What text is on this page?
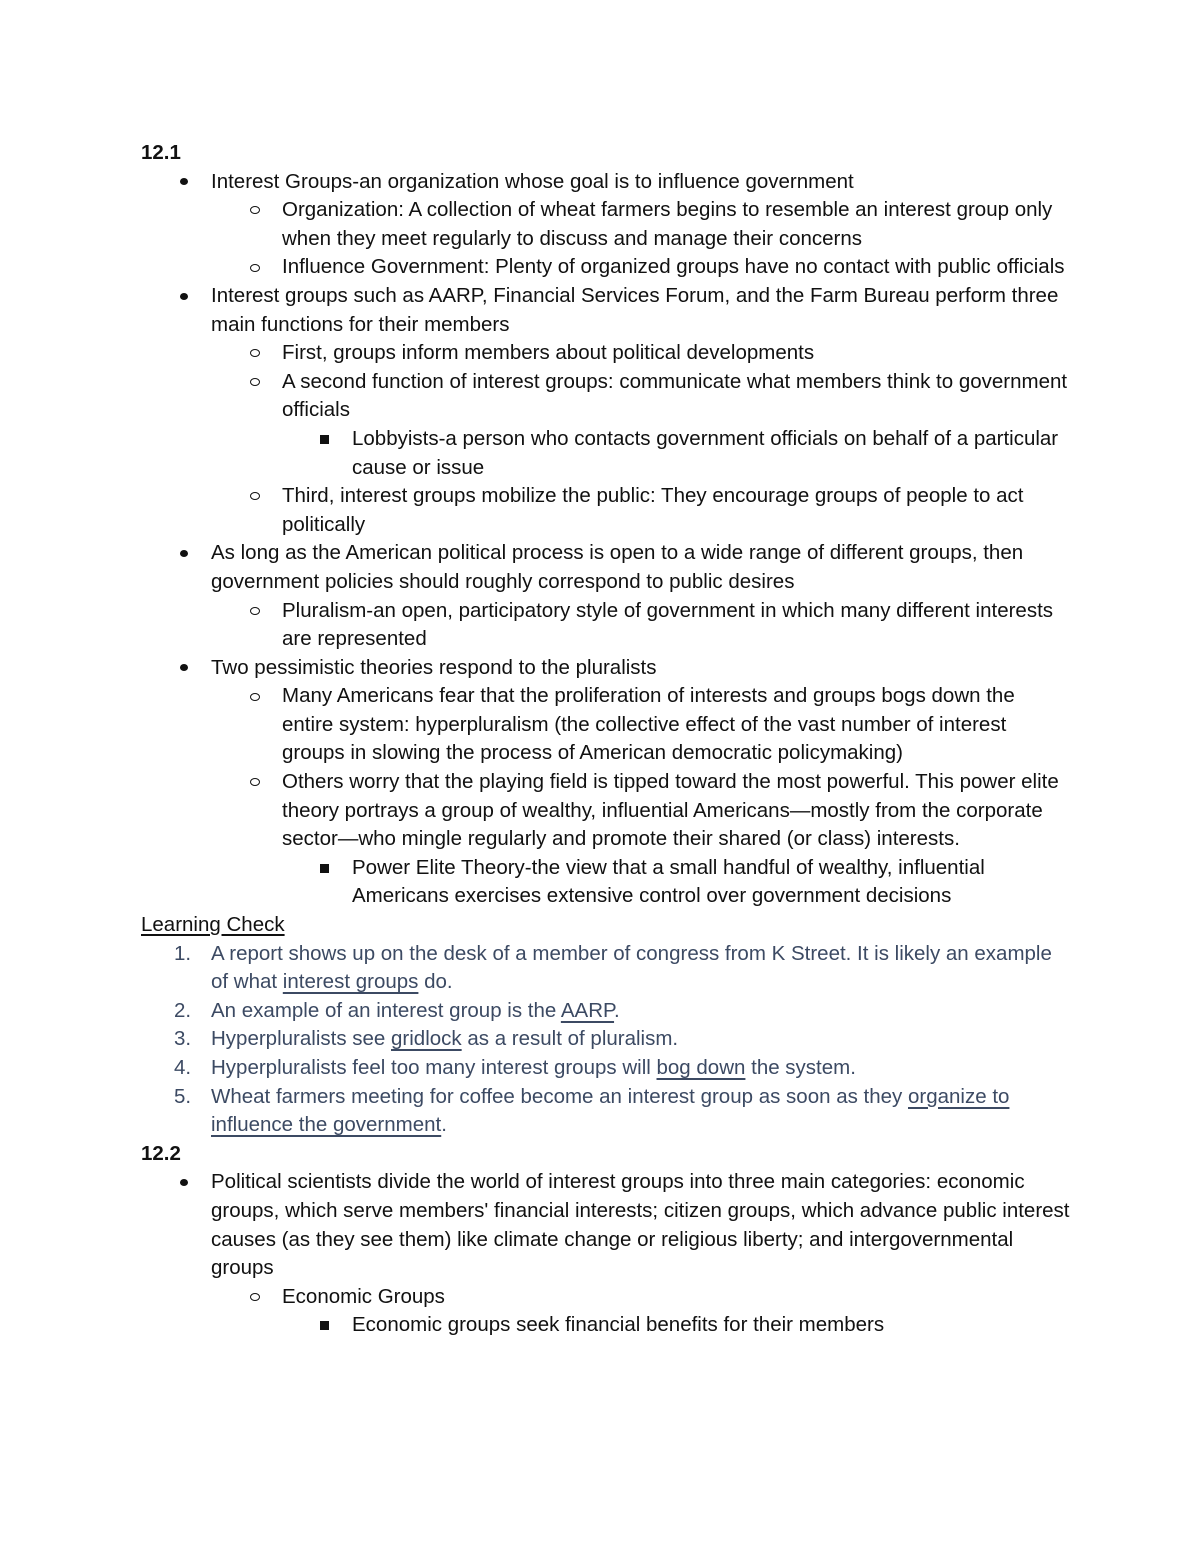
12.1
Interest Groups-an organization whose goal is to influence government
Organization: A collection of wheat farmers begins to resemble an interest group only when they meet regularly to discuss and manage their concerns
Influence Government: Plenty of organized groups have no contact with public officials
Interest groups such as AARP, Financial Services Forum, and the Farm Bureau perform three main functions for their members
First, groups inform members about political developments
A second function of interest groups: communicate what members think to government officials
Lobbyists-a person who contacts government officials on behalf of a particular cause or issue
Third, interest groups mobilize the public: They encourage groups of people to act politically
As long as the American political process is open to a wide range of different groups, then government policies should roughly correspond to public desires
Pluralism-an open, participatory style of government in which many different interests are represented
Two pessimistic theories respond to the pluralists
Many Americans fear that the proliferation of interests and groups bogs down the entire system: hyperpluralism (the collective effect of the vast number of interest groups in slowing the process of American democratic policymaking)
Others worry that the playing field is tipped toward the most powerful. This power elite theory portrays a group of wealthy, influential Americans—mostly from the corporate sector—who mingle regularly and promote their shared (or class) interests.
Power Elite Theory-the view that a small handful of wealthy, influential Americans exercises extensive control over government decisions
Learning Check
1. A report shows up on the desk of a member of congress from K Street. It is likely an example of what interest groups do.
2. An example of an interest group is the AARP.
3. Hyperpluralists see gridlock as a result of pluralism.
4. Hyperpluralists feel too many interest groups will bog down the system.
5. Wheat farmers meeting for coffee become an interest group as soon as they organize to influence the government.
12.2
Political scientists divide the world of interest groups into three main categories: economic groups, which serve members' financial interests; citizen groups, which advance public interest causes (as they see them) like climate change or religious liberty; and intergovernmental groups
Economic Groups
Economic groups seek financial benefits for their members
